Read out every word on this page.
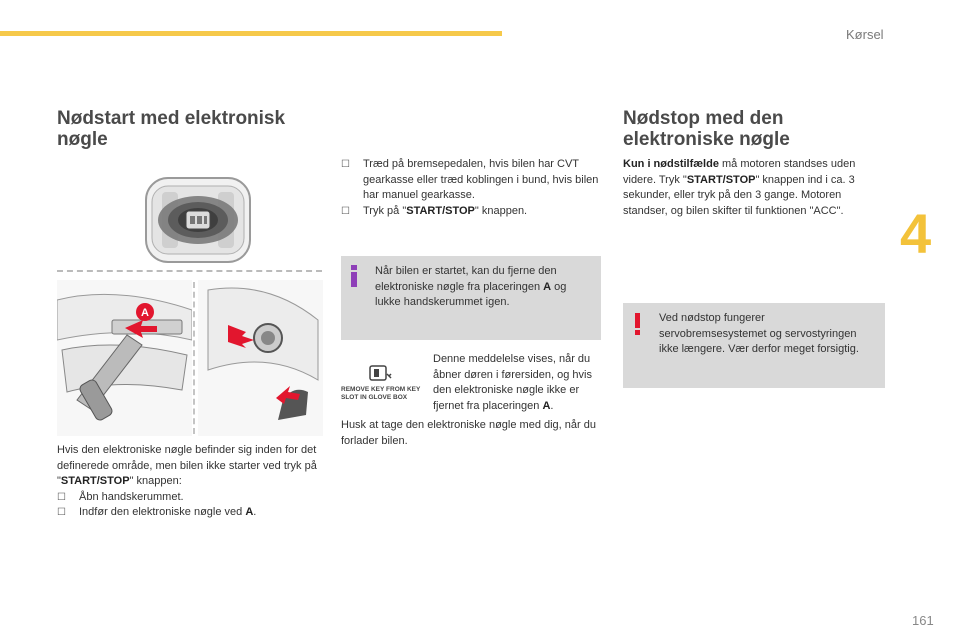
Kørsel
4
161
Nødstart med elektronisk nøgle
A

Hvis den elektroniske nøgle befinder sig inden for det definerede område, men bilen ikke starter ved tryk på "START/STOP" knappen:

☐ Åbn handskerummet.
☐ Indfør den elektroniske nøgle ved A.
☐ Træd på bremsepedalen, hvis bilen har CVT gearkasse eller træd koblingen i bund, hvis bilen har manuel gearkasse.
☐ Tryk på "START/STOP" knappen.

Når bilen er startet, kan du fjerne den elektroniske nøgle fra placeringen A og lukke handskerummet igen.

REMOVE KEY FROM KEY
SLOT IN GLOVE BOX

Denne meddelelse vises, når du åbner døren i førersiden, og hvis den elektroniske nøgle ikke er fjernet fra placeringen A.

Husk at tage den elektroniske nøgle med dig, når du forlader bilen.

Nødstop med den elektroniske nøgle

Kun i nødstilfælde må motoren standses uden videre. Tryk "START/STOP" knappen ind i ca. 3 sekunder, eller tryk på den 3 gange. Motoren standser, og bilen skifter til funktionen "ACC".

Ved nødstop fungerer servobremsesystemet og servostyringen ikke længere. Vær derfor meget forsigtig.
